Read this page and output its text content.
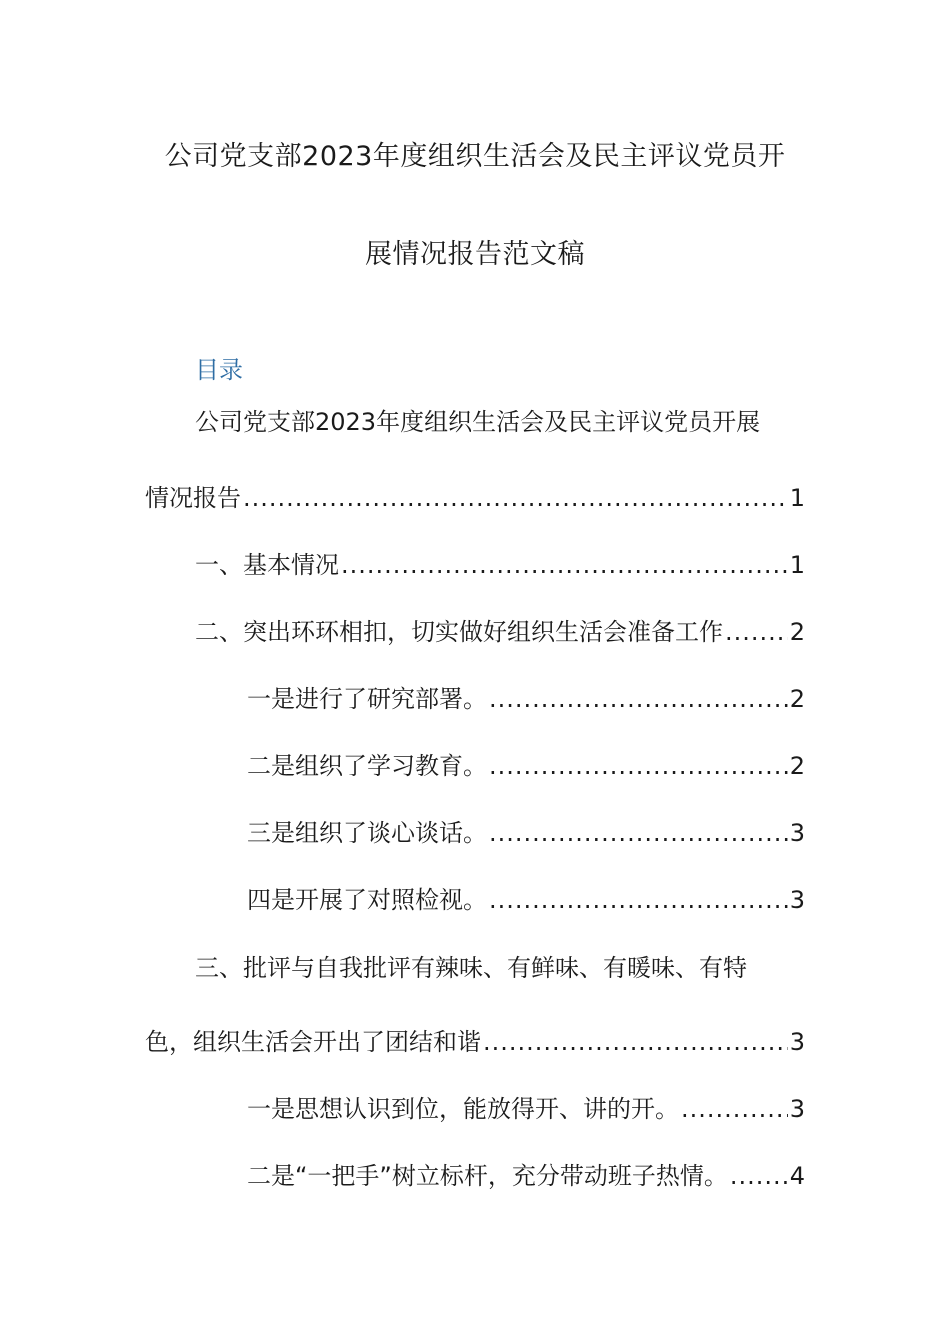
公司党支部2023年度组织生活会及民主评议党员开
展情况报告范文稿
目录
公司党支部2023年度组织生活会及民主评议党员开展
情况报告 .....	1
一、基本情况 .....	1
二、突出环环相扣，切实做好组织生活会准备工作 .....	2
一是进行了研究部署。 .....	2
二是组织了学习教育。 .....	2
三是组织了谈心谈话。 .....	3
四是开展了对照检视。 .....	3
三、批评与自我批评有辣味、有鲜味、有暖味、有特
色，组织生活会开出了团结和谐 .....	3
一是思想认识到位，能放得开、讲的开。 .....	3
二是“一把手”树立标杆，充分带动班子热情。 .....	4
